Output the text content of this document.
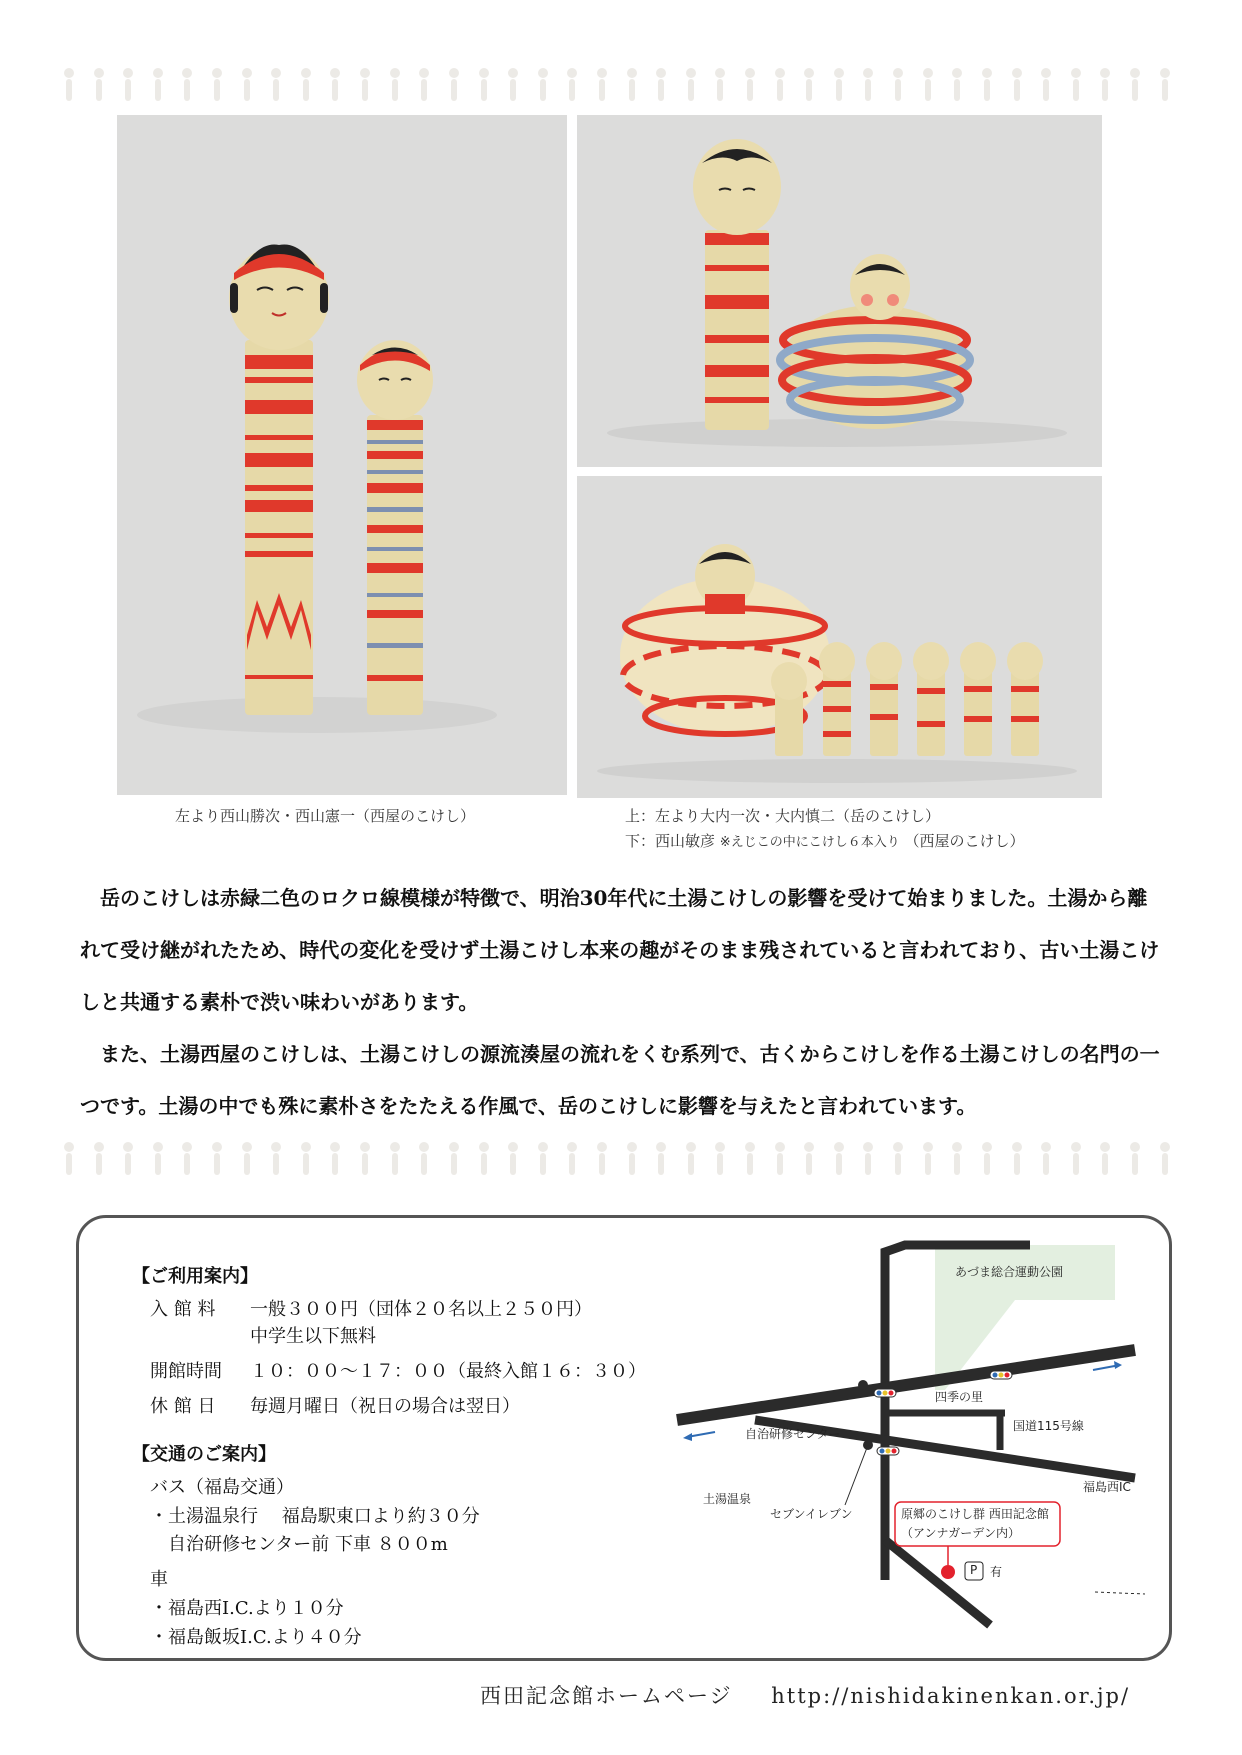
左より西山勝次・西山憲一（西屋のこけし）	上：左より大内一次・大内慎二（岳のこけし）
下：西山敏彦 ※えじこの中にこけし６本入り （西屋のこけし）

　岳のこけしは赤緑二色のロクロ線模様が特徴で、明治30年代に土湯こけしの影響を受けて始まりました。土湯から離れて受け継がれたため、時代の変化を受けず土湯こけし本来の趣がそのまま残されていると言われており、古い土湯こけしと共通する素朴で渋い味わいがあります。

　また、土湯西屋のこけしは、土湯こけしの源流湊屋の流れをくむ系列で、古くからこけしを作る土湯こけしの名門の一つです。土湯の中でも殊に素朴さをたたえる作風で、岳のこけしに影響を与えたと言われています。

【ご利用案内】
入 館 料 一般３００円（団体２０名以上２５０円）
中学生以下無料
開館時間 １０：００～１７：００（最終入館１６：３０）
休 館 日 毎週月曜日（祝日の場合は翌日）
【交通のご案内】
バス（福島交通）
・土湯温泉行　 福島駅東口より約３０分
自治研修センター前 下車 ８００m
車
・福島西I.C.より１０分
・福島飯坂I.C.より４０分
あづま総合運動公園
四季の里
国道115号線
自治研修センター
福島西IC
土湯温泉
セブンイレブン	原郷のこけし群 西田記念館
（アンナガーデン内）
P 有
西田記念館ホームページ http://nishidakinenkan.or.jp/
